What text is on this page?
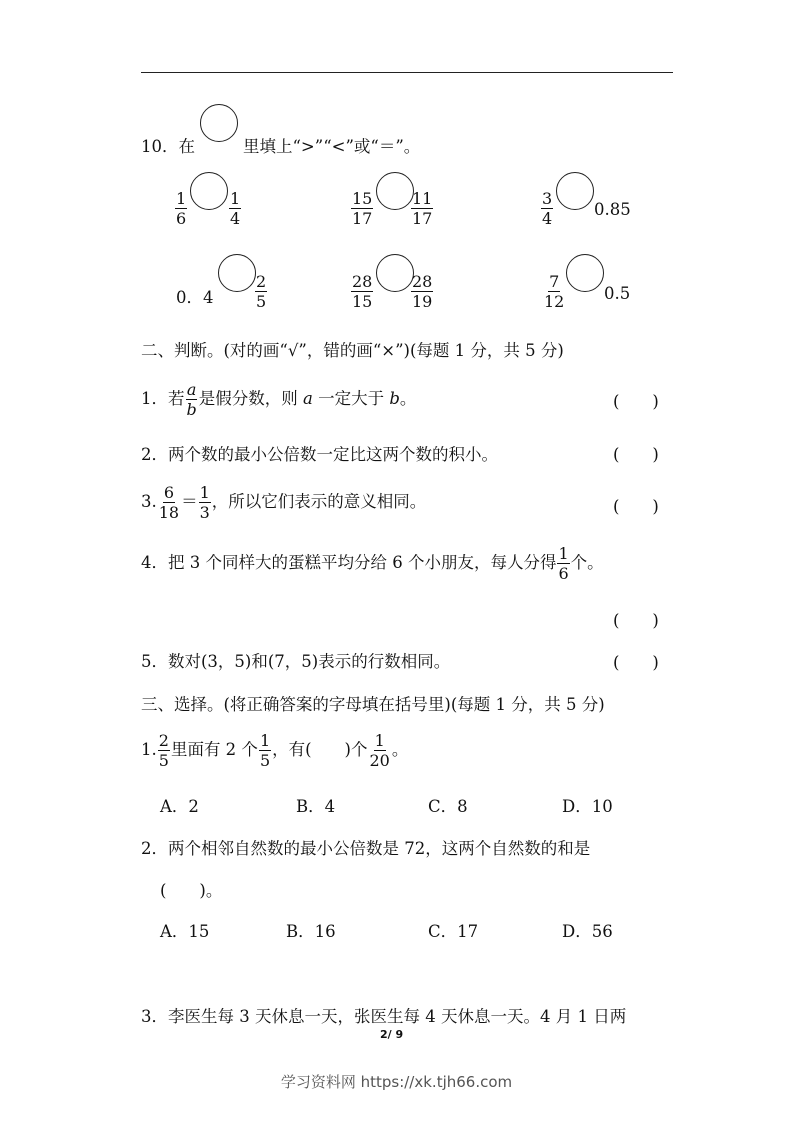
10．在	里填上“>”“<”或“＝”。
$\frac{1}{6}$	$\frac{1}{4}$	$\frac{15}{17} \frac{11}{17}$	$\frac{3}{4} 0.85$
0．4	$\frac{2}{5}$	$\frac{28}{15} \frac{28}{19}$	$\frac{7}{12} 0.5$
二、判断。(对的画“√”，错的画“×”)(每题 1 分，共 5 分)
1．若 $\frac{a}{b}$ 是假分数，则 a 一定大于 b。	(　　)
2．两个数的最小公倍数一定比这两个数的积小。	(　　)
3. $\frac{6}{18} = \frac{1}{3}$ ，所以它们表示的意义相同。	(　　)
4．把 3 个同样大的蛋糕平均分给 6 个小朋友，每人分得 $\frac{1}{6}$ 个。
(　　)
5．数对(3，5)和(7，5)表示的行数相同。	(　　)
三、选择。(将正确答案的字母填在括号里)(每题 1 分，共 5 分)
1. $\frac{2}{5}$ 里面有 2 个 $\frac{1}{5}$ ，有(　　)个 $\frac{1}{20}$ 。
A．2	B．4	C．8	D．10
2．两个相邻自然数的最小公倍数是 72，这两个自然数的和是
(　　)。
A．15	B．16	C．17	D．56
3．李医生每 3 天休息一天，张医生每 4 天休息一天。4 月 1 日两
2/ 9
学习资料网 https://xk.tjh66.com
